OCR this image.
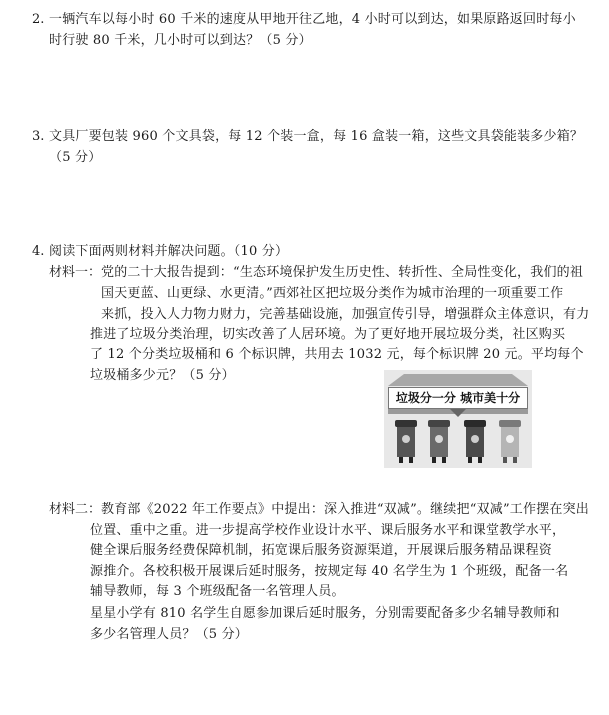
2. 一辆汽车以每小时 60 千米的速度从甲地开往乙地，4 小时可以到达，如果原路返回时每小
时行驶 80 千米，几小时可以到达？（5 分）
3. 文具厂要包装 960 个文具袋，每 12 个装一盒，每 16 盒装一箱，这些文具袋能装多少箱？
（5 分）
4. 阅读下面两则材料并解决问题。（10 分）
材料一： 党的二十大报告提到：“生态环境保护发生历史性、转折性、全局性变化，我们的祖
国天更蓝、山更绿、水更清。”西郊社区把垃圾分类作为城市治理的一项重要工作
来抓，投入人力物力财力，完善基础设施，加强宣传引导，增强群众主体意识，有力
推进了垃圾分类治理，切实改善了人居环境。为了更好地开展垃圾分类，社区购买
了 12 个分类垃圾桶和 6 个标识牌，共用去 1032 元，每个标识牌 20 元。平均每个
垃圾桶多少元？（5 分）
垃圾分一分 城市美十分
材料二： 教育部《2022 年工作要点》中提出：深入推进“双减”。继续把“双减”工作摆在突出
位置、重中之重。进一步提高学校作业设计水平、课后服务水平和课堂教学水平，
健全课后服务经费保障机制，拓宽课后服务资源渠道，开展课后服务精品课程资
源推介。各校积极开展课后延时服务，按规定每 40 名学生为 1 个班级，配备一名
辅导教师，每 3 个班级配备一名管理人员。
星星小学有 810 名学生自愿参加课后延时服务，分别需要配备多少名辅导教师和
多少名管理人员？（5 分）
